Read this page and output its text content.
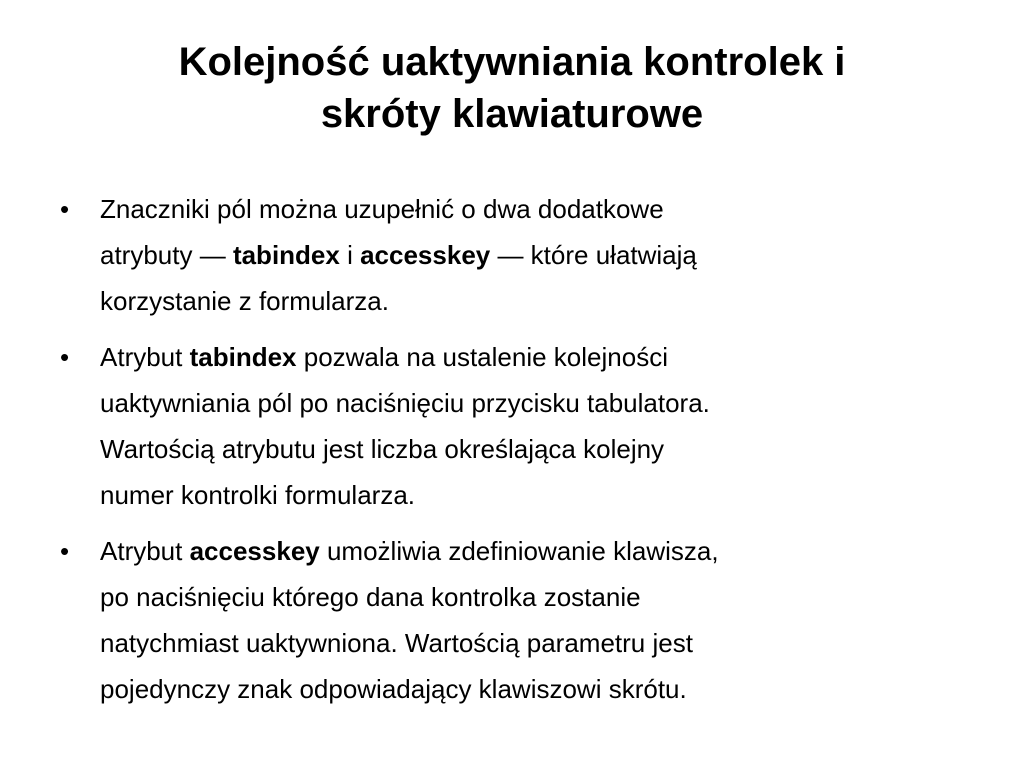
Kolejność uaktywniania kontrolek i
skróty klawiaturowe
•	Znaczniki pól można uzupełnić o dwa dodatkowe
atrybuty — tabindex i accesskey — które ułatwiają
korzystanie z formularza.
•	Atrybut tabindex pozwala na ustalenie kolejności
uaktywniania pól po naciśnięciu przycisku tabulatora.
Wartością atrybutu jest liczba określająca kolejny
numer kontrolki formularza.
•	Atrybut accesskey umożliwia zdefiniowanie klawisza,
po naciśnięciu którego dana kontrolka zostanie
natychmiast uaktywniona. Wartością parametru jest
pojedynczy znak odpowiadający klawiszowi skrótu.
